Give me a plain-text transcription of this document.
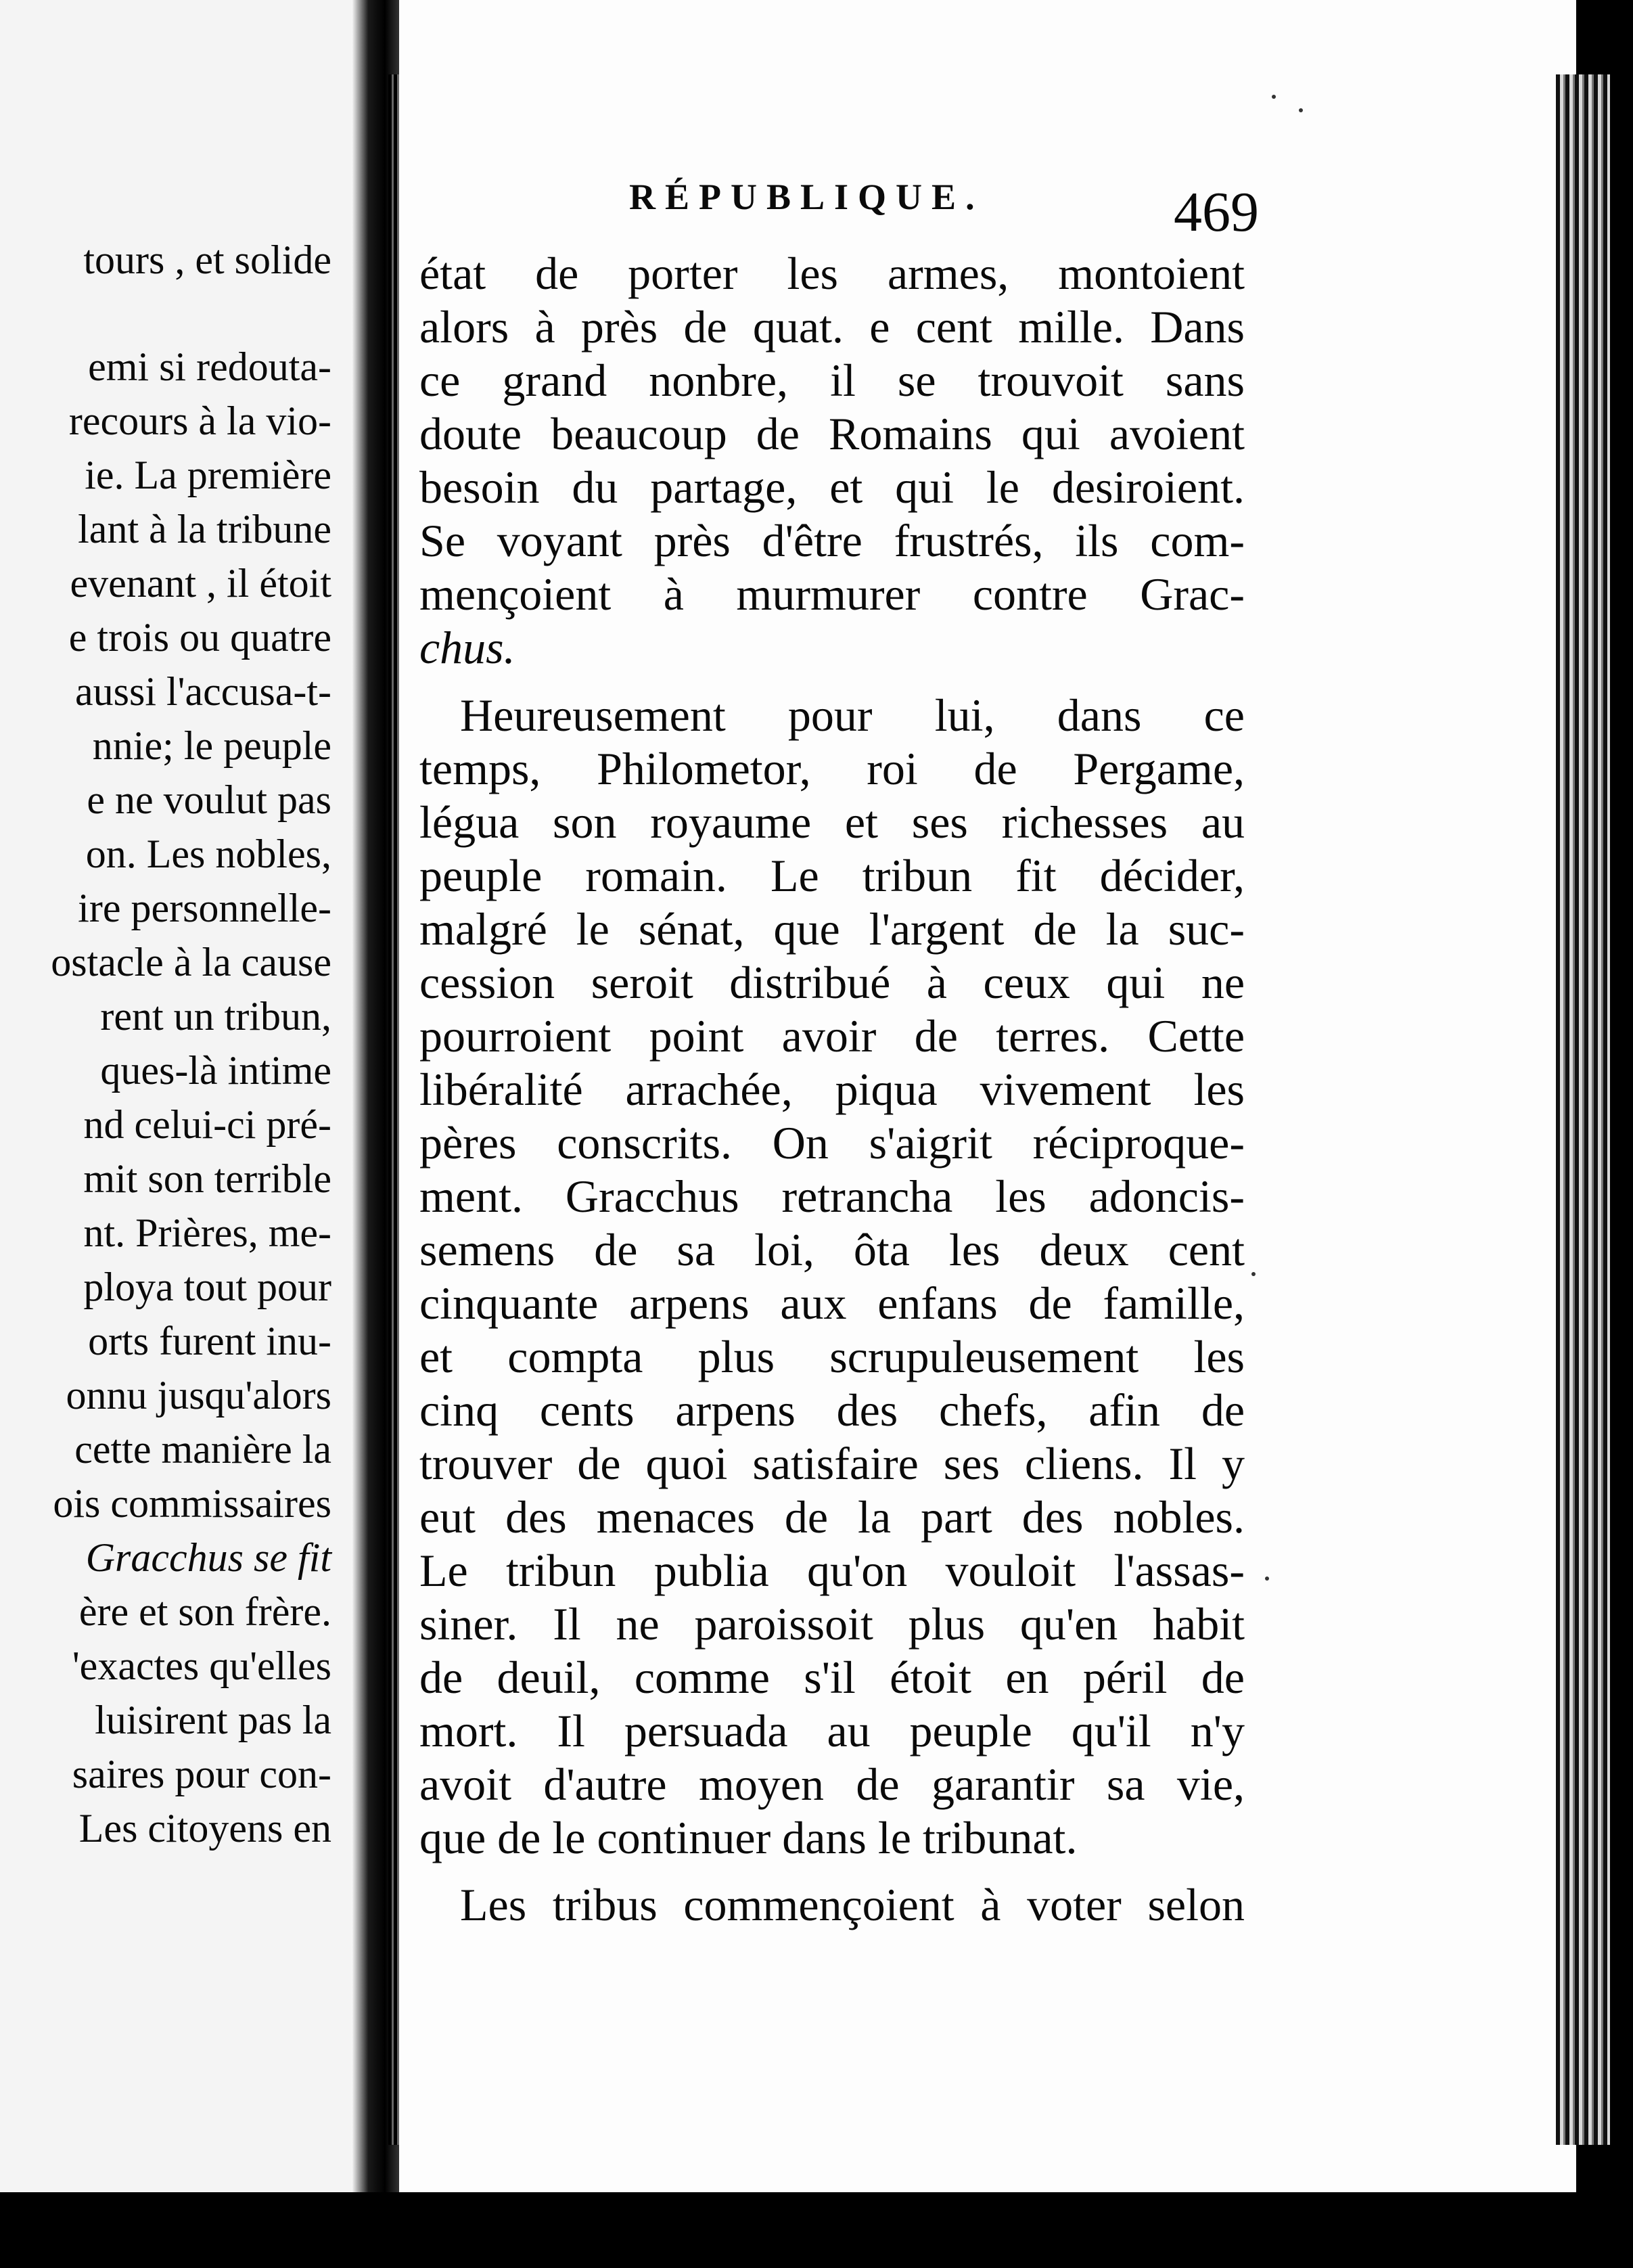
tours , et solide
emi si redouta-
recours à la vio-
ie. La première
lant à la tribune
evenant , il étoit
e trois ou quatre
aussi l'accusa-t-
nnie; le peuple
e ne voulut pas
on. Les nobles,
ire personnelle-
ostacle à la cause
rent un tribun,
ques-là intime
nd celui-ci pré-
mit son terrible
nt. Prières, me-
ploya tout pour
orts furent inu-
onnu jusqu'alors
cette manière la
ois commissaires
Gracchus se fit
ère et son frère.
'exactes qu'elles
luisirent pas la
saires pour con-
Les citoyens en
RÉPUBLIQUE.	469
état de porter les armes, montoient
alors à près de quat. e cent mille. Dans
ce grand nonbre, il se trouvoit sans
doute beaucoup de Romains qui avoient
besoin du partage, et qui le desiroient.
Se voyant près d'être frustrés, ils com-
mençoient à murmurer contre Grac-
chus.
Heureusement pour lui, dans ce
temps, Philometor, roi de Pergame,
légua son royaume et ses richesses au
peuple romain. Le tribun fit décider,
malgré le sénat, que l'argent de la suc-
cession seroit distribué à ceux qui ne
pourroient point avoir de terres. Cette
libéralité arrachée, piqua vivement les
pères conscrits. On s'aigrit réciproque-
ment. Gracchus retrancha les adoncis-
semens de sa loi, ôta les deux cent
cinquante arpens aux enfans de famille,
et compta plus scrupuleusement les
cinq cents arpens des chefs, afin de
trouver de quoi satisfaire ses cliens. Il y
eut des menaces de la part des nobles.
Le tribun publia qu'on vouloit l'assas-
siner. Il ne paroissoit plus qu'en habit
de deuil, comme s'il étoit en péril de
mort. Il persuada au peuple qu'il n'y
avoit d'autre moyen de garantir sa vie,
que de le continuer dans le tribunat.
Les tribus commençoient à voter selon
